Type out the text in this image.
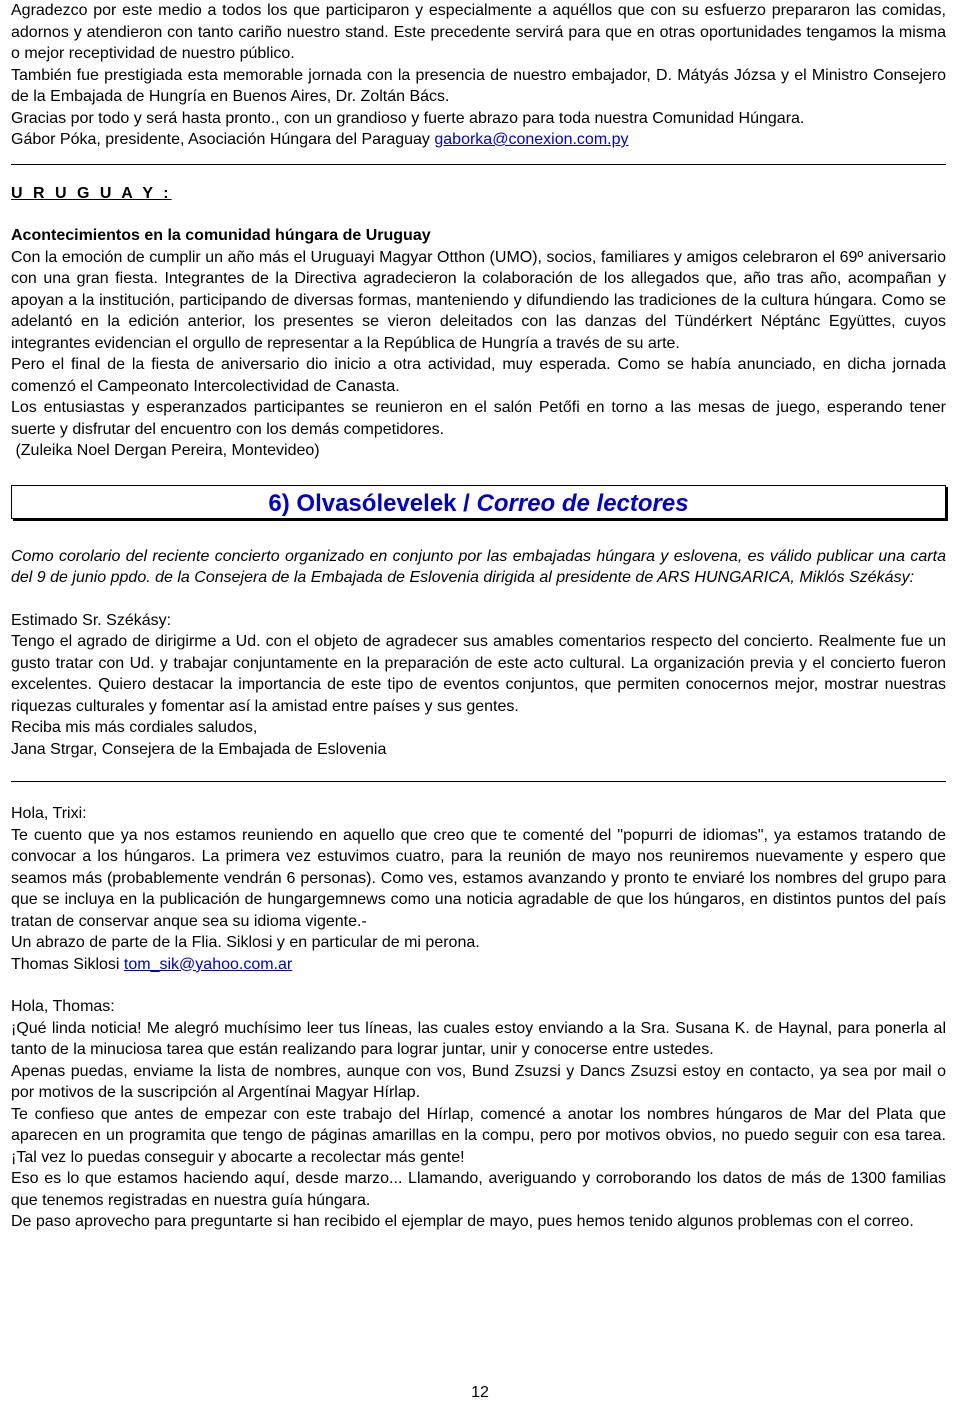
Agradezco por este medio a todos los que participaron y especialmente a aquéllos que con su esfuerzo prepararon las comidas, adornos y atendieron con tanto cariño nuestro stand. Este precedente servirá para que en otras oportunidades tengamos la misma o mejor receptividad de nuestro público.

También fue prestigiada esta memorable jornada con la presencia de nuestro embajador, D. Mátyás Józsa y el Ministro Consejero de la Embajada de Hungría en Buenos Aires, Dr. Zoltán Bács.

Gracias por todo y será hasta pronto., con un grandioso y fuerte abrazo para toda nuestra Comunidad Húngara.

Gábor Póka, presidente, Asociación Húngara del Paraguay gaborka@conexion.com.py

U R U G U A Y :

Acontecimientos en la comunidad húngara de Uruguay

Con la emoción de cumplir un año más el Uruguayi Magyar Otthon (UMO), socios, familiares y amigos celebraron el 69º aniversario con una gran fiesta. Integrantes de la Directiva agradecieron la colaboración de los allegados que, año tras año, acompañan y apoyan a la institución, participando de diversas formas, manteniendo y difundiendo las tradiciones de la cultura húngara. Como se adelantó en la edición anterior, los presentes se vieron deleitados con las danzas del Tündérkert Néptánc Együttes, cuyos integrantes evidencian el orgullo de representar a la República de Hungría a través de su arte.

Pero el final de la fiesta de aniversario dio inicio a otra actividad, muy esperada. Como se había anunciado, en dicha jornada comenzó el Campeonato Intercolectividad de Canasta.

Los entusiastas y esperanzados participantes se reunieron en el salón Petőfi en torno a las mesas de juego, esperando tener suerte y disfrutar del encuentro con los demás competidores.

(Zuleika Noel Dergan Pereira, Montevideo)

6) Olvasólevelek / Correo de lectores

Como corolario del reciente concierto organizado en conjunto por las embajadas húngara y eslovena, es válido publicar una carta del 9 de junio ppdo. de la Consejera de la Embajada de Eslovenia dirigida al presidente de ARS HUNGARICA, Miklós Székásy:

Estimado Sr. Székásy:

Tengo el agrado de dirigirme a Ud. con el objeto de agradecer sus amables comentarios respecto del concierto. Realmente fue un gusto tratar con Ud. y trabajar conjuntamente en la preparación de este acto cultural. La organización previa y el concierto fueron excelentes. Quiero destacar la importancia de este tipo de eventos conjuntos, que permiten conocernos mejor, mostrar nuestras riquezas culturales y fomentar así la amistad entre países y sus gentes.

Reciba mis más cordiales saludos,

Jana Strgar, Consejera de la Embajada de Eslovenia

Hola, Trixi:

Te cuento que ya nos estamos reuniendo en aquello que creo que te comenté del "popurri de idiomas", ya estamos tratando de convocar a los húngaros. La primera vez estuvimos cuatro, para la reunión de mayo nos reuniremos nuevamente y espero que seamos más (probablemente vendrán 6 personas). Como ves, estamos avanzando y pronto te enviaré los nombres del grupo para que se incluya en la publicación de hungargemnews como una noticia agradable de que los húngaros, en distintos puntos del país tratan de conservar anque sea su idioma vigente.-

Un abrazo de parte de la Flia. Siklosi y en particular de mi perona.

Thomas Siklosi tom_sik@yahoo.com.ar

Hola, Thomas:

¡Qué linda noticia! Me alegró muchísimo leer tus líneas, las cuales estoy enviando a la Sra. Susana K. de Haynal, para ponerla al tanto de la minuciosa tarea que están realizando para lograr juntar, unir y conocerse entre ustedes.

Apenas puedas, enviame la lista de nombres, aunque con vos, Bund Zsuzsi y Dancs Zsuzsi estoy en contacto, ya sea por mail o por motivos de la suscripción al Argentínai Magyar Hírlap.

Te confieso que antes de empezar con este trabajo del Hírlap, comencé a anotar los nombres húngaros de Mar del Plata que aparecen en un programita que tengo de páginas amarillas en la compu, pero por motivos obvios, no puedo seguir con esa tarea. ¡Tal vez lo puedas conseguir y abocarte a recolectar más gente!

Eso es lo que estamos haciendo aquí, desde marzo... Llamando, averiguando y corroborando los datos de más de 1300 familias que tenemos registradas en nuestra guía húngara.

De paso aprovecho para preguntarte si han recibido el ejemplar de mayo, pues hemos tenido algunos problemas con el correo.

12
